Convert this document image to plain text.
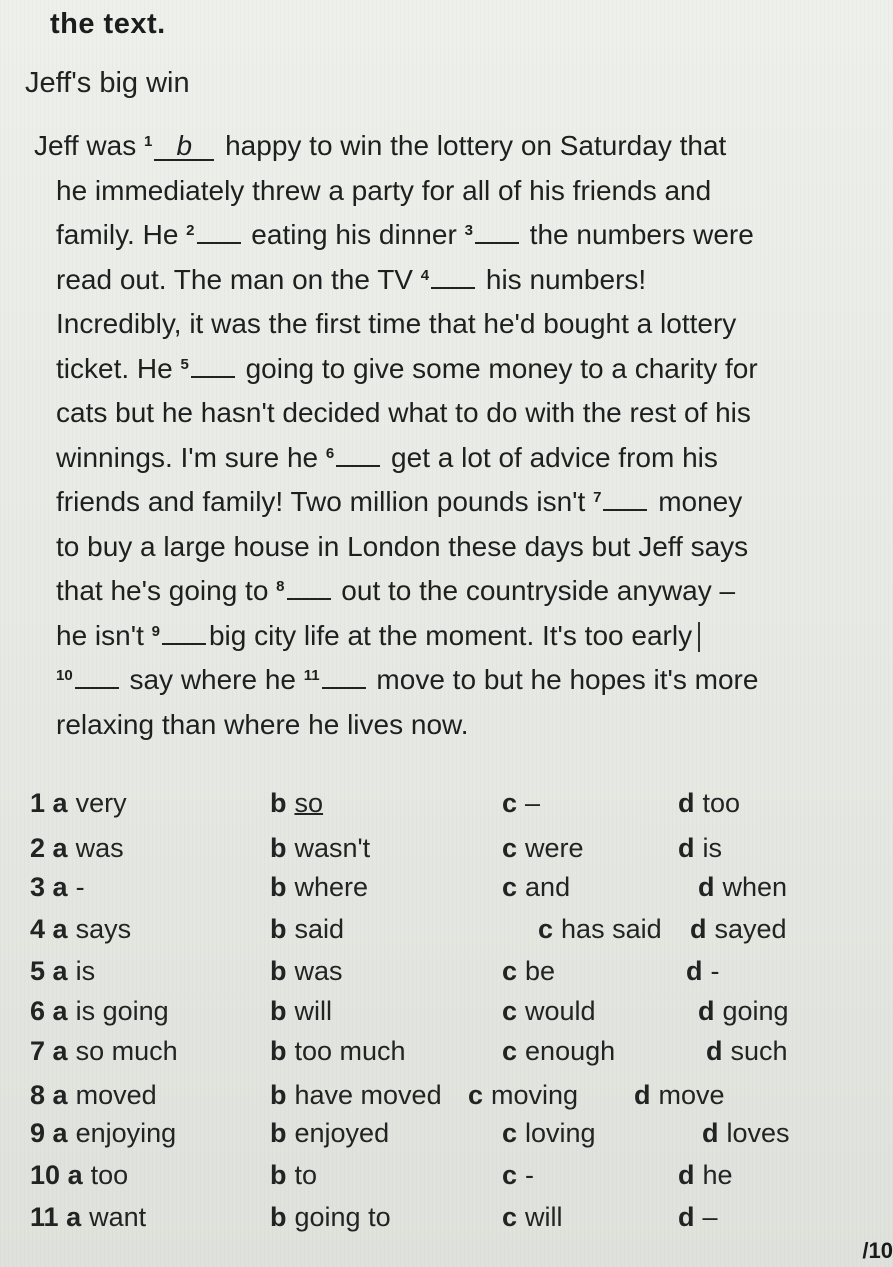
the text.
Jeff's big win
Jeff was $^1$ b happy to win the lottery on Saturday that
he immediately threw a party for all of his friends and
family. He $^2$ eating his dinner $^3$ the numbers were
read out. The man on the TV $^4$ his numbers!
Incredibly, it was the first time that he'd bought a lottery
ticket. He $^5$ going to give some money to a charity for
cats but he hasn't decided what to do with the rest of his
winnings. I'm sure he $^6$ get a lot of advice from his
friends and family! Two million pounds isn't $^7$ money
to buy a large house in London these days but Jeff says
that he's going to $^8$ out to the countryside anyway –
he isn't $^9$ big city life at the moment. It's too early
$^{10}$ say where he $^{11}$ move to but he hopes it's more
relaxing than where he lives now.
1 a very	b so	c –	d too
2 a was	b wasn't	c were	d is
3 a -	b where	c and	d when
4 a says	b said	c has said d sayed
5 a is	b was	c be	d -
6 a is going	b will	c would	d going
7 a so much	b too much	c enough	d such
8 a moved	b have moved c moving d move
9 a enjoying	b enjoyed	c loving	d loves
10 a too	b to	c -	d he
11 a want	b going to	c will	d –
/10
